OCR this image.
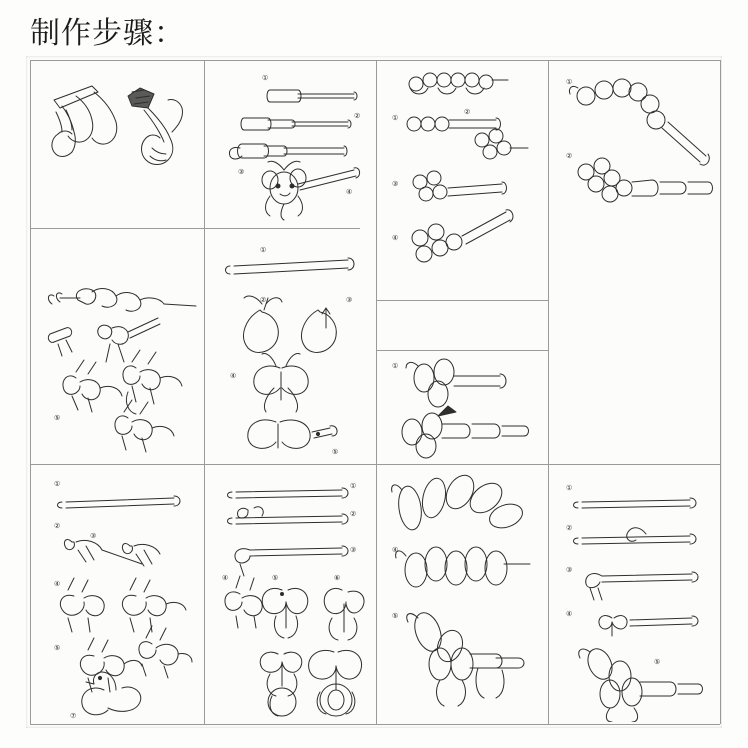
制作步骤：
①
②
③
④
①
②
③
④
①
②
⑤
①
②	③
④
⑤
①
①
②
③
④
⑤
⑦
①
②
③
④	⑤	⑥
④
⑤
①
②
③
④
⑤
